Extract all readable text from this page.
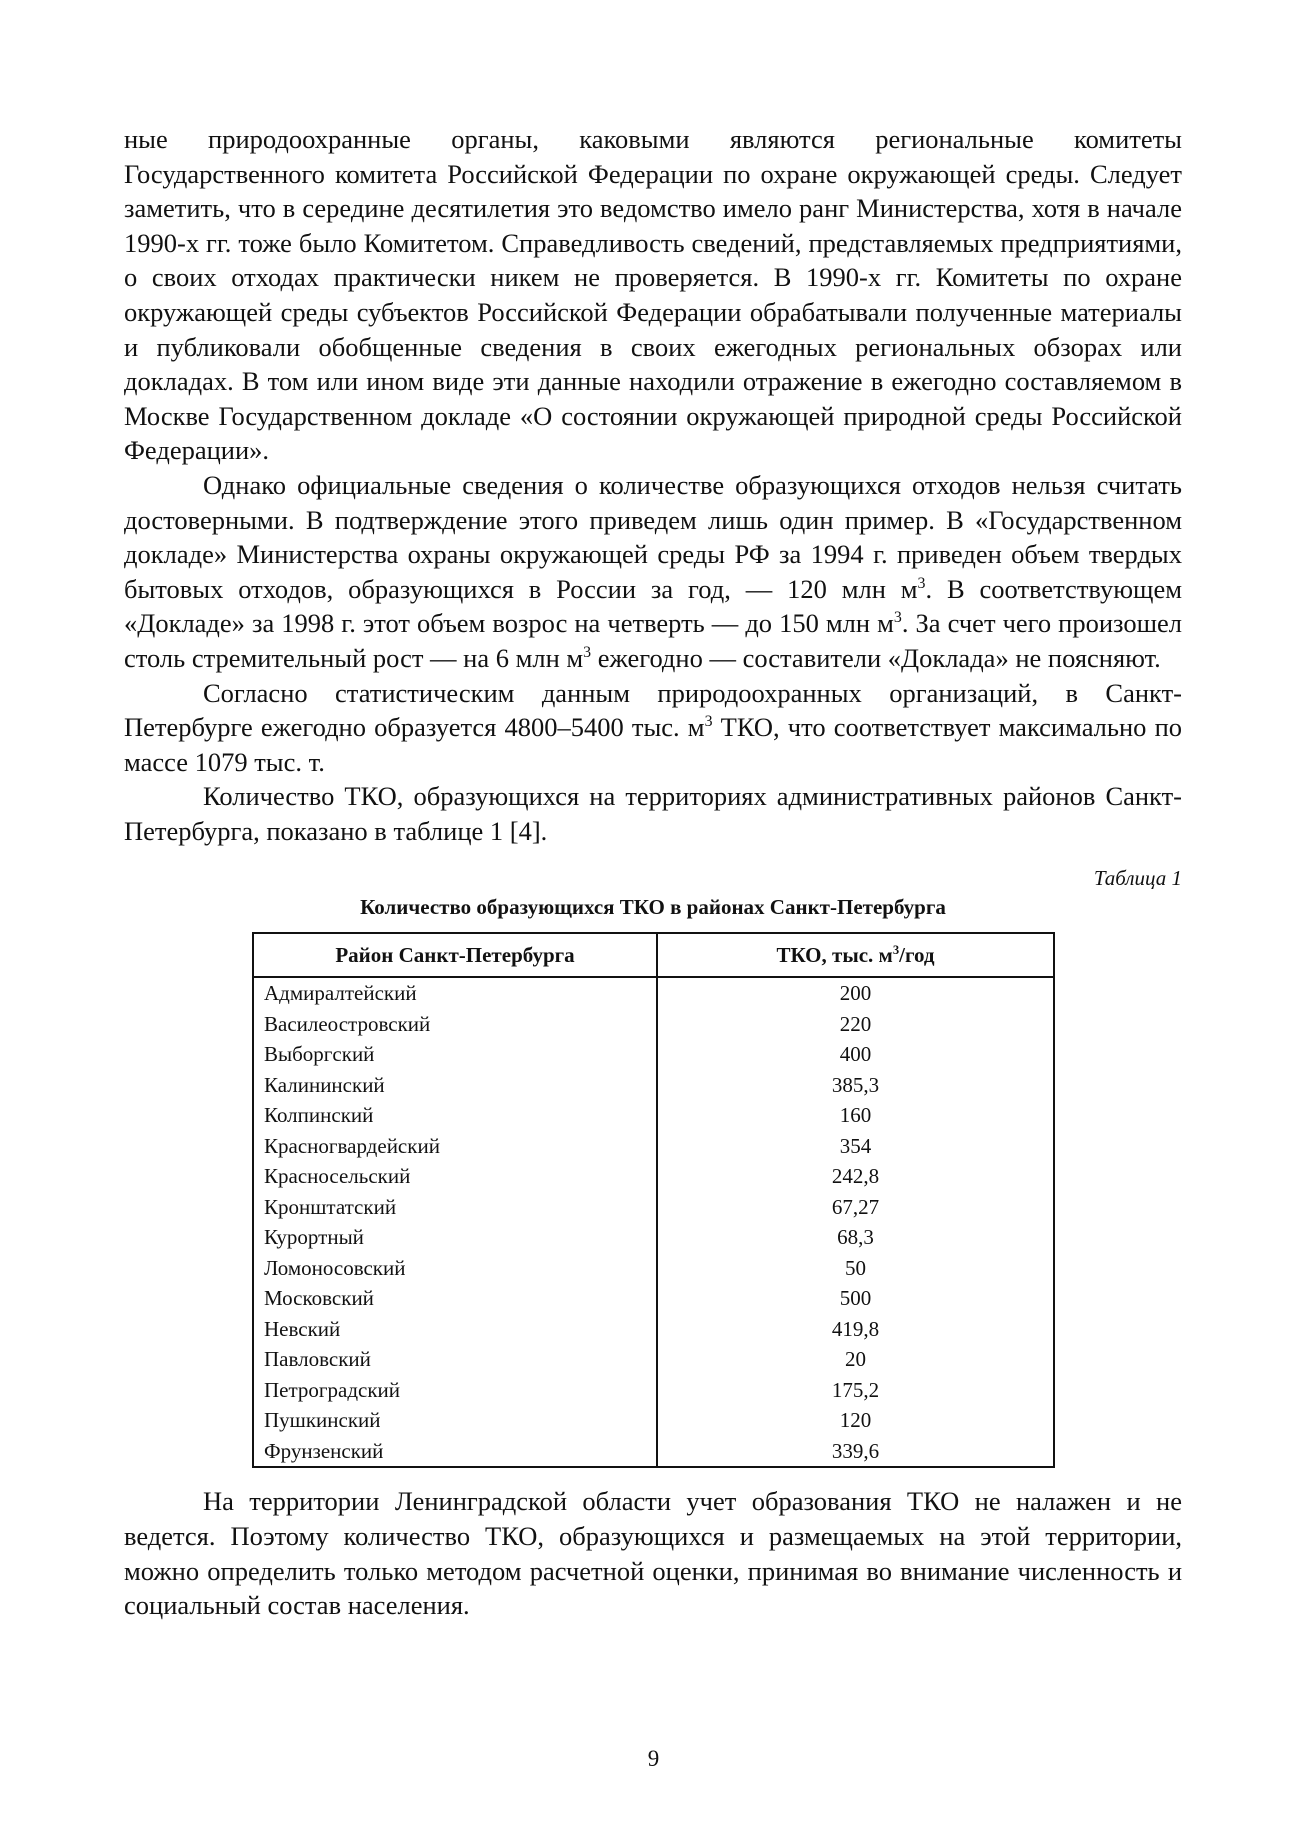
ные природоохранные органы, каковыми являются региональные комитеты Государственного комитета Российской Федерации по охране окружающей среды. Следует заметить, что в середине десятилетия это ведомство имело ранг Министерства, хотя в начале 1990-х гг. тоже было Комитетом. Справедливость сведений, представляемых предприятиями, о своих отходах практически никем не проверяется. В 1990-х гг. Комитеты по охране окружающей среды субъектов Российской Федерации обрабатывали полученные материалы и публиковали обобщенные сведения в своих ежегодных региональных обзорах или докладах. В том или ином виде эти данные находили отражение в ежегодно составляемом в Москве Государственном докладе «О состоянии окружающей природной среды Российской Федерации».

Однако официальные сведения о количестве образующихся отходов нельзя считать достоверными. В подтверждение этого приведем лишь один пример. В «Государственном докладе» Министерства охраны окружающей среды РФ за 1994 г. приведен объем твердых бытовых отходов, образующихся в России за год, — 120 млн $м^3$. В соответствующем «Докладе» за 1998 г. этот объем возрос на четверть — до 150 млн $м^3$. За счет чего произошел столь стремительный рост — на 6 млн $м^3$ ежегодно — составители «Доклада» не поясняют.

Согласно статистическим данным природоохранных организаций, в Санкт-Петербурге ежегодно образуется 4800–5400 тыс. $м^3$ ТКО, что соответствует максимально по массе 1079 тыс. т.

Количество ТКО, образующихся на территориях административных районов Санкт-Петербурга, показано в таблице 1 [4].

Таблица 1

Количество образующихся ТКО в районах Санкт-Петербурга

Район Санкт-Петербурга	ТКО, тыс. $м^3$/год
Адмиралтейский	200
Василеостровский	220
Выборгский	400
Калининский	385,3
Колпинский	160
Красногвардейский	354
Красносельский	242,8
Кронштатский	67,27
Курортный	68,3
Ломоносовский	50
Московский	500
Невский	419,8
Павловский	20
Петроградский	175,2
Пушкинский	120
Фрунзенский	339,6

На территории Ленинградской области учет образования ТКО не налажен и не ведется. Поэтому количество ТКО, образующихся и размещаемых на этой территории, можно определить только методом расчетной оценки, принимая во внимание численность и социальный состав населения.

9
